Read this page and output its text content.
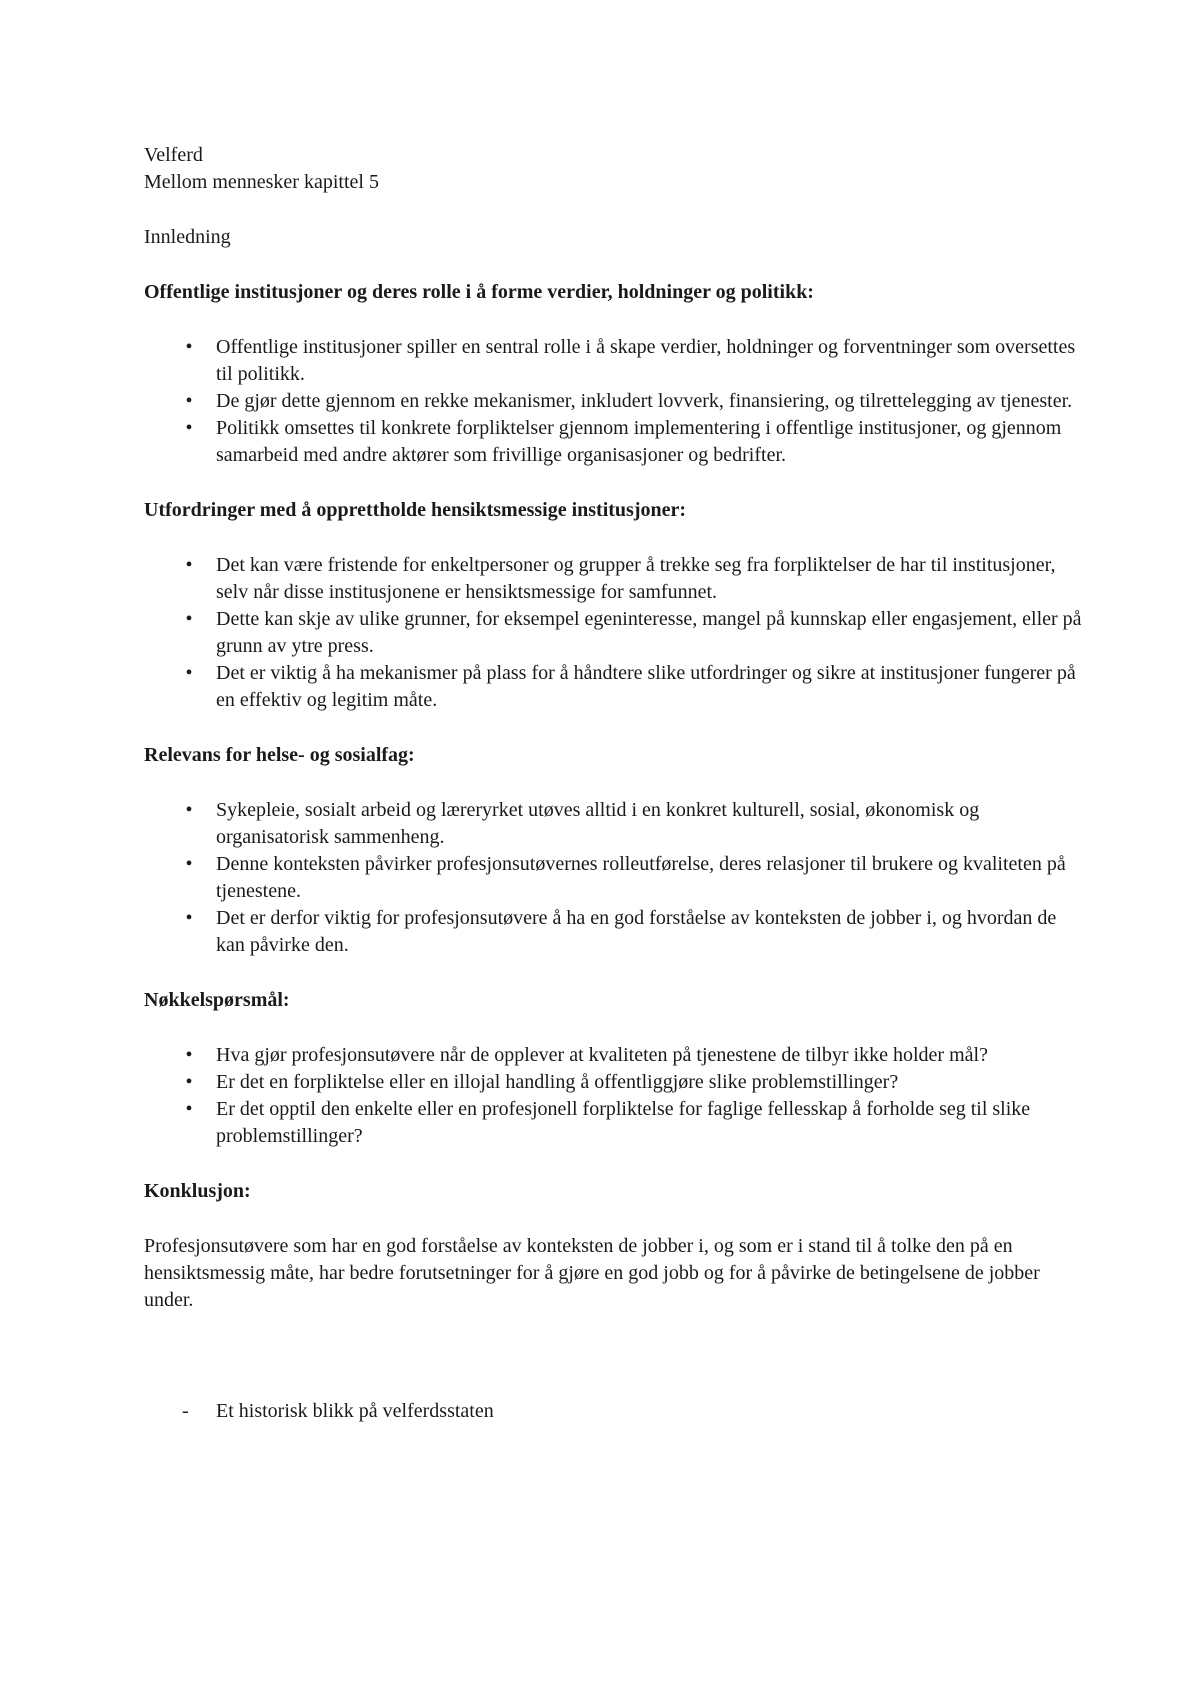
Velferd

Mellom mennesker kapittel 5

Innledning

Offentlige institusjoner og deres rolle i å forme verdier, holdninger og politikk:

• Offentlige institusjoner spiller en sentral rolle i å skape verdier, holdninger og forventninger som oversettes til politikk.
• De gjør dette gjennom en rekke mekanismer, inkludert lovverk, finansiering, og tilrettelegging av tjenester.
• Politikk omsettes til konkrete forpliktelser gjennom implementering i offentlige institusjoner, og gjennom samarbeid med andre aktører som frivillige organisasjoner og bedrifter.

Utfordringer med å opprettholde hensiktsmessige institusjoner:

• Det kan være fristende for enkeltpersoner og grupper å trekke seg fra forpliktelser de har til institusjoner, selv når disse institusjonene er hensiktsmessige for samfunnet.
• Dette kan skje av ulike grunner, for eksempel egeninteresse, mangel på kunnskap eller engasjement, eller på grunn av ytre press.
• Det er viktig å ha mekanismer på plass for å håndtere slike utfordringer og sikre at institusjoner fungerer på en effektiv og legitim måte.

Relevans for helse- og sosialfag:

• Sykepleie, sosialt arbeid og læreryrket utøves alltid i en konkret kulturell, sosial, økonomisk og organisatorisk sammenheng.
• Denne konteksten påvirker profesjonsutøvernes rolleutførelse, deres relasjoner til brukere og kvaliteten på tjenestene.
• Det er derfor viktig for profesjonsutøvere å ha en god forståelse av konteksten de jobber i, og hvordan de kan påvirke den.

Nøkkelspørsmål:

• Hva gjør profesjonsutøvere når de opplever at kvaliteten på tjenestene de tilbyr ikke holder mål?
• Er det en forpliktelse eller en illojal handling å offentliggjøre slike problemstillinger?
• Er det opptil den enkelte eller en profesjonell forpliktelse for faglige fellesskap å forholde seg til slike problemstillinger?

Konklusjon:

Profesjonsutøvere som har en god forståelse av konteksten de jobber i, og som er i stand til å tolke den på en hensiktsmessig måte, har bedre forutsetninger for å gjøre en god jobb og for å påvirke de betingelsene de jobber under.

- Et historisk blikk på velferdsstaten
